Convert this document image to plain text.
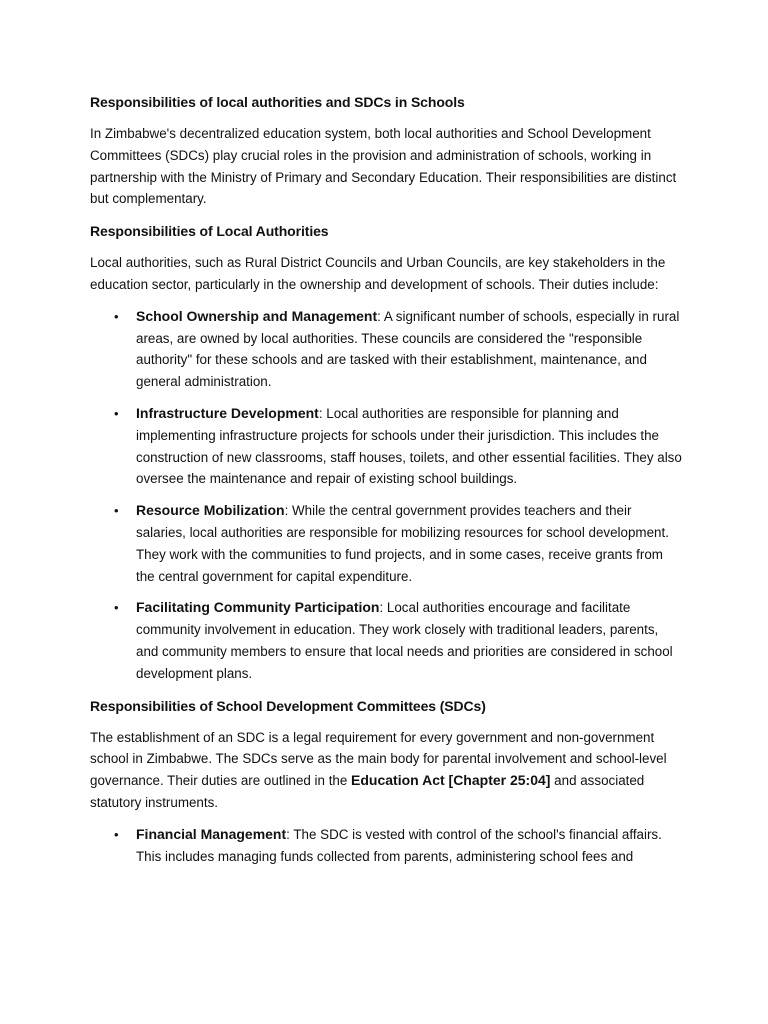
Responsibilities of local authorities and SDCs in Schools

In Zimbabwe's decentralized education system, both local authorities and School Development Committees (SDCs) play crucial roles in the provision and administration of schools, working in partnership with the Ministry of Primary and Secondary Education. Their responsibilities are distinct but complementary.

Responsibilities of Local Authorities

Local authorities, such as Rural District Councils and Urban Councils, are key stakeholders in the education sector, particularly in the ownership and development of schools. Their duties include:

• School Ownership and Management: A significant number of schools, especially in rural areas, are owned by local authorities. These councils are considered the "responsible authority" for these schools and are tasked with their establishment, maintenance, and general administration.
• Infrastructure Development: Local authorities are responsible for planning and implementing infrastructure projects for schools under their jurisdiction. This includes the construction of new classrooms, staff houses, toilets, and other essential facilities. They also oversee the maintenance and repair of existing school buildings.
• Resource Mobilization: While the central government provides teachers and their salaries, local authorities are responsible for mobilizing resources for school development. They work with the communities to fund projects, and in some cases, receive grants from the central government for capital expenditure.
• Facilitating Community Participation: Local authorities encourage and facilitate community involvement in education. They work closely with traditional leaders, parents, and community members to ensure that local needs and priorities are considered in school development plans.
Responsibilities of School Development Committees (SDCs)

The establishment of an SDC is a legal requirement for every government and non-government school in Zimbabwe. The SDCs serve as the main body for parental involvement and school-level governance. Their duties are outlined in the Education Act [Chapter 25:04] and associated statutory instruments.

• Financial Management: The SDC is vested with control of the school's financial affairs. This includes managing funds collected from parents, administering school fees and
